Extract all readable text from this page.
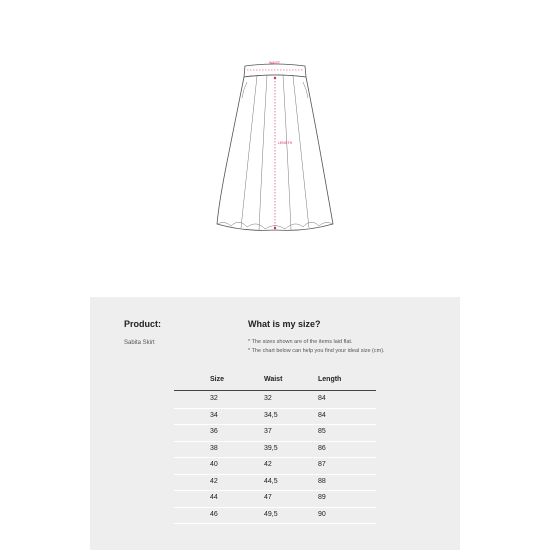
WAIST
LENGTH
Product:
Sabita Skirt
What is my size?
* The sizes shown are of the items laid flat.
* The chart below can help you find your ideal size (cm).
Size	Waist	Length
32	32	84
34	34,5	84
36	37	85
38	39,5	86
40	42	87
42	44,5	88
44	47	89
46	49,5	90
